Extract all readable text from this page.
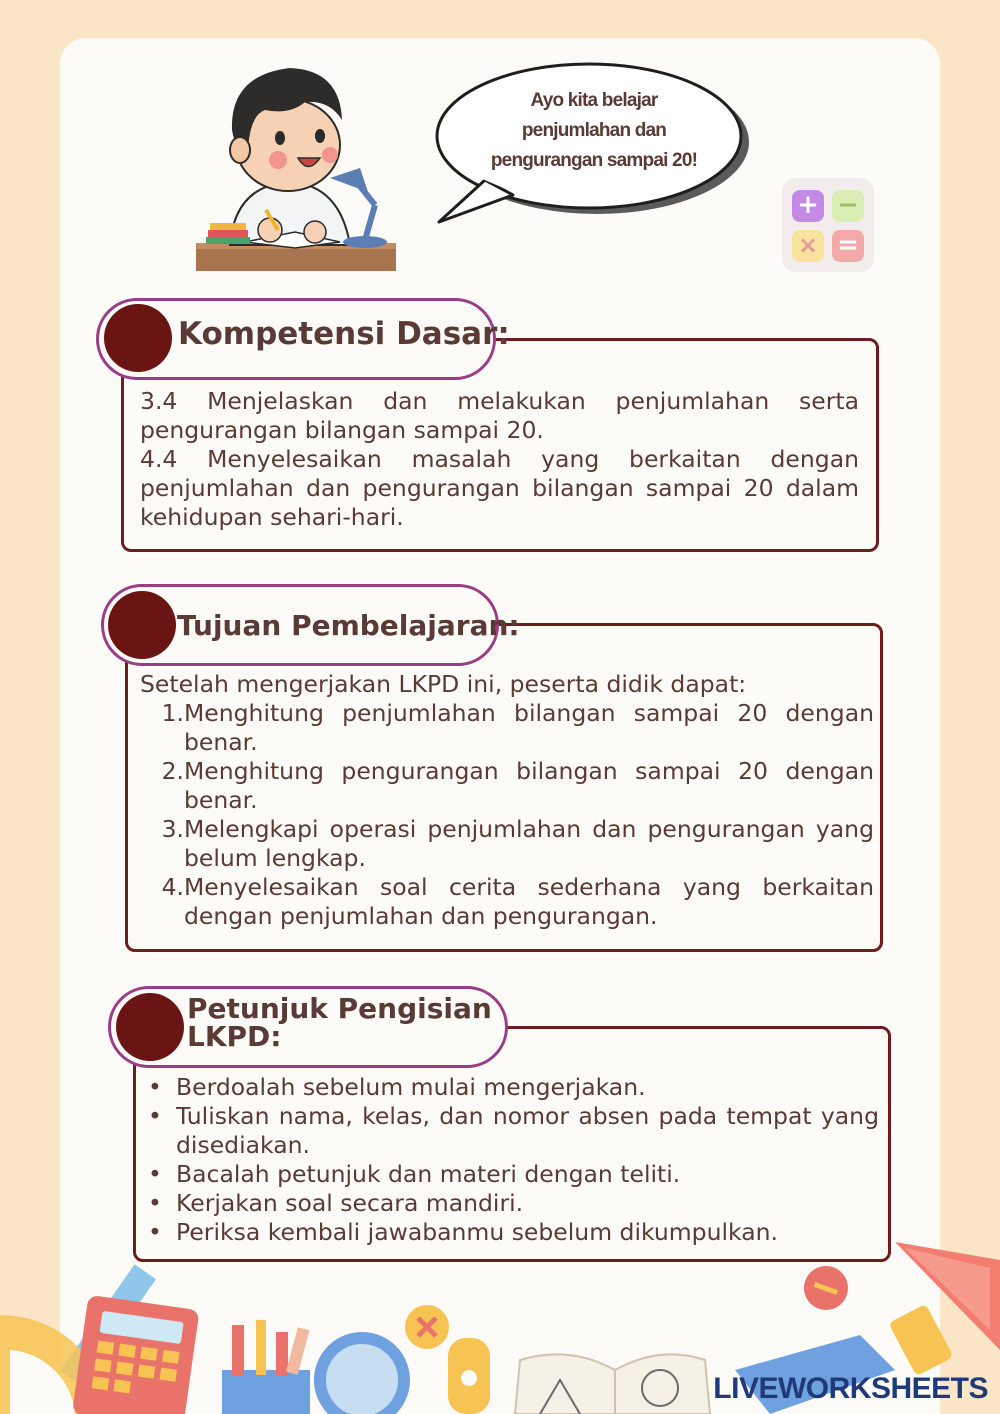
Ayo kita belajar
penjumlahan dan
pengurangan sampai 20!
+ −
× =
Kompetensi Dasar:

3.4 Menjelaskan dan melakukan penjumlahan serta pengurangan bilangan sampai 20.

4.4 Menyelesaikan masalah yang berkaitan dengan penjumlahan dan pengurangan bilangan sampai 20 dalam kehidupan sehari-hari.

Tujuan Pembelajaran:
Setelah mengerjakan LKPD ini, peserta didik dapat:
1. Menghitung penjumlahan bilangan sampai 20 dengan benar.
2. Menghitung pengurangan bilangan sampai 20 dengan benar.
3. Melengkapi operasi penjumlahan dan pengurangan yang belum lengkap.
4. Menyelesaikan soal cerita sederhana yang berkaitan dengan penjumlahan dan pengurangan.
Petunjuk Pengisian
LKPD:
• Berdoalah sebelum mulai mengerjakan.
• Tuliskan nama, kelas, dan nomor absen pada tempat yang disediakan.
• Bacalah petunjuk dan materi dengan teliti.
• Kerjakan soal secara mandiri.
• Periksa kembali jawabanmu sebelum dikumpulkan.
LIVEWORKSHEETS
